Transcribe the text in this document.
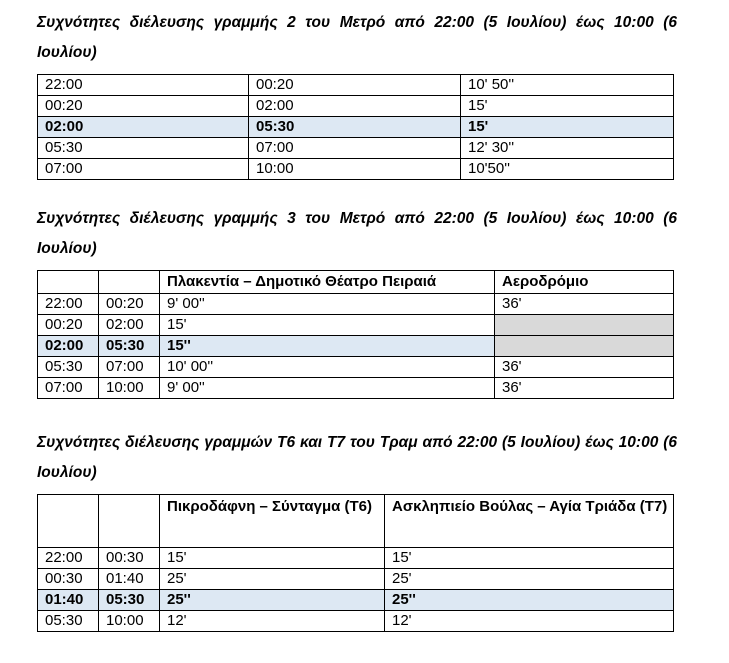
Συχνότητες διέλευσης γραμμής 2 του Μετρό από 22:00 (5 Ιουλίου) έως 10:00 (6 Ιουλίου)

22:00	00:20	10' 50''
00:20	02:00	15'
02:00	05:30	15'
05:30	07:00	12' 30''
07:00	10:00	10'50''

Συχνότητες διέλευσης γραμμής 3 του Μετρό από 22:00 (5 Ιουλίου) έως 10:00 (6 Ιουλίου)

		Πλακεντία – Δημοτικό Θέατρο Πειραιά	Αεροδρόμιο
22:00	00:20	9' 00''	36'
00:20	02:00	15'	
02:00	05:30	15''	
05:30	07:00	10' 00''	36'
07:00	10:00	9' 00''	36'

Συχνότητες διέλευσης γραμμών Τ6 και Τ7 του Τραμ από 22:00 (5 Ιουλίου) έως 10:00 (6 Ιουλίου)

		Πικροδάφνη – Σύνταγμα (Τ6)	Ασκληπιείο Βούλας – Αγία Τριάδα (Τ7)
22:00	00:30	15'	15'
00:30	01:40	25'	25'
01:40	05:30	25''	25''
05:30	10:00	12'	12'
